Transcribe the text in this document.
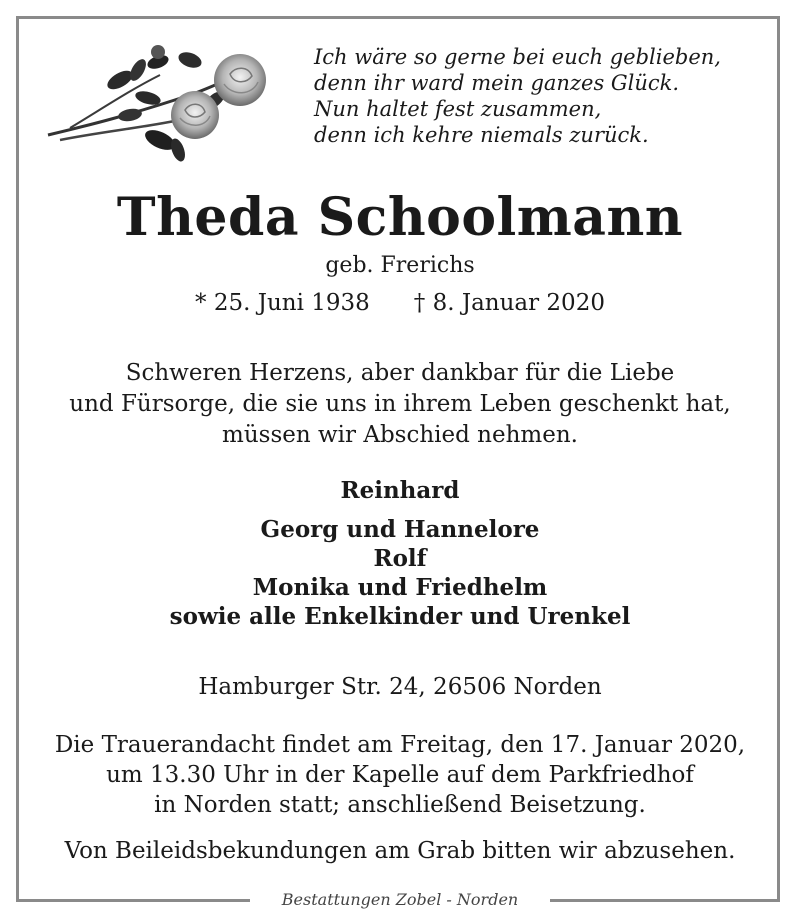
Ich wäre so gerne bei euch geblieben,
denn ihr ward mein ganzes Glück.
Nun haltet fest zusammen,
denn ich kehre niemals zurück.
Theda Schoolmann
geb. Frerichs
* 25. Juni 1938 † 8. Januar 2020
Schweren Herzens, aber dankbar für die Liebe
und Fürsorge, die sie uns in ihrem Leben geschenkt hat,
müssen wir Abschied nehmen.
Reinhard
Georg und Hannelore
Rolf
Monika und Friedhelm
sowie alle Enkelkinder und Urenkel
Hamburger Str. 24, 26506 Norden
Die Trauerandacht findet am Freitag, den 17. Januar 2020,
um 13.30 Uhr in der Kapelle auf dem Parkfriedhof
in Norden statt; anschließend Beisetzung.
Von Beileidsbekundungen am Grab bitten wir abzusehen.
Bestattungen Zobel - Norden
